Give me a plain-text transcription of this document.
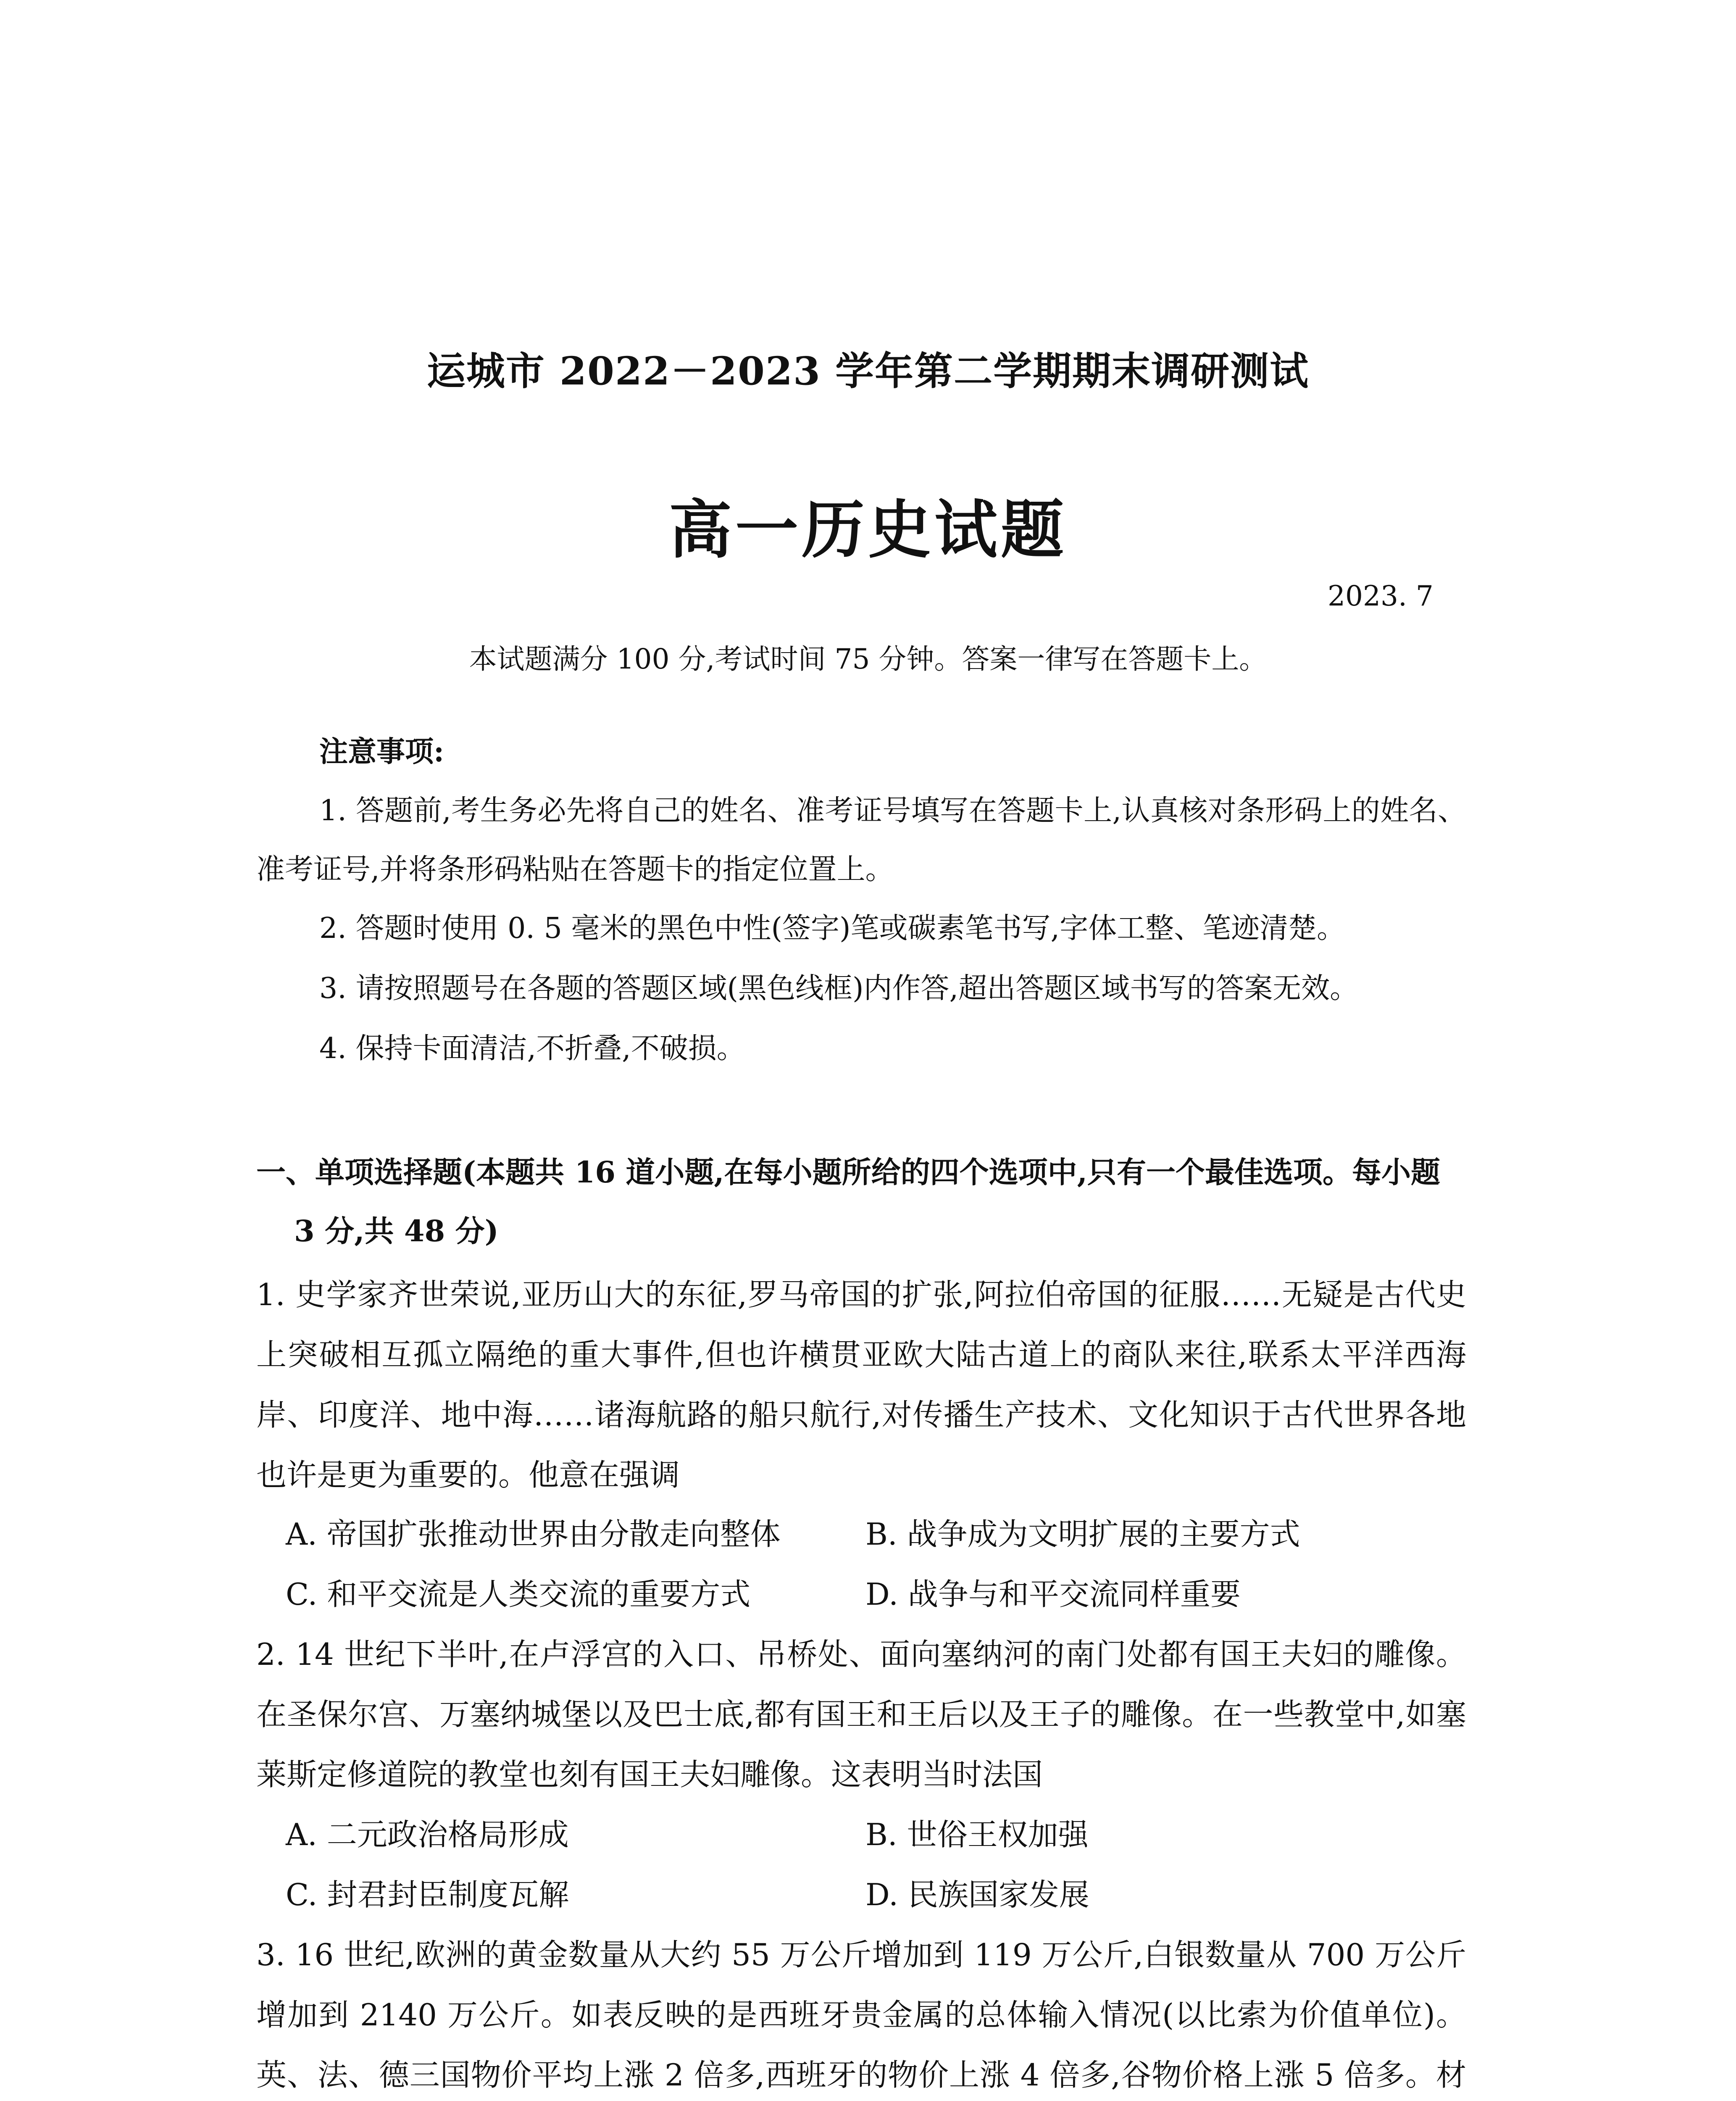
运城市 2022－2023 学年第二学期期末调研测试
高一历史试题
2023. 7
本试题满分 100 分,考试时间 75 分钟。答案一律写在答题卡上。
注意事项:
1. 答题前,考生务必先将自己的姓名、准考证号填写在答题卡上,认真核对条形码上的姓名、准考证号,并将条形码粘贴在答题卡的指定位置上。
2. 答题时使用 0. 5 毫米的黑色中性(签字)笔或碳素笔书写,字体工整、笔迹清楚。
3. 请按照题号在各题的答题区域(黑色线框)内作答,超出答题区域书写的答案无效。
4. 保持卡面清洁,不折叠,不破损。
一、单项选择题(本题共 16 道小题,在每小题所给的四个选项中,只有一个最佳选项。每小题
3 分,共 48 分)
1. 史学家齐世荣说,亚历山大的东征,罗马帝国的扩张,阿拉伯帝国的征服……无疑是古代史上突破相互孤立隔绝的重大事件,但也许横贯亚欧大陆古道上的商队来往,联系太平洋西海岸、印度洋、地中海……诸海航路的船只航行,对传播生产技术、文化知识于古代世界各地也许是更为重要的。他意在强调
A. 帝国扩张推动世界由分散走向整体	B. 战争成为文明扩展的主要方式
C. 和平交流是人类交流的重要方式	D. 战争与和平交流同样重要
2. 14 世纪下半叶,在卢浮宫的入口、吊桥处、面向塞纳河的南门处都有国王夫妇的雕像。在圣保尔宫、万塞纳城堡以及巴士底,都有国王和王后以及王子的雕像。在一些教堂中,如塞莱斯定修道院的教堂也刻有国王夫妇雕像。这表明当时法国
A. 二元政治格局形成	B. 世俗王权加强
C. 封君封臣制度瓦解	D. 民族国家发展
3. 16 世纪,欧洲的黄金数量从大约 55 万公斤增加到 119 万公斤,白银数量从 700 万公斤增加到 2140 万公斤。如表反映的是西班牙贵金属的总体输入情况(以比索为价值单位)。英、法、德三国物价平均上涨 2 倍多,西班牙的物价上涨 4 倍多,谷物价格上涨 5 倍多。材
